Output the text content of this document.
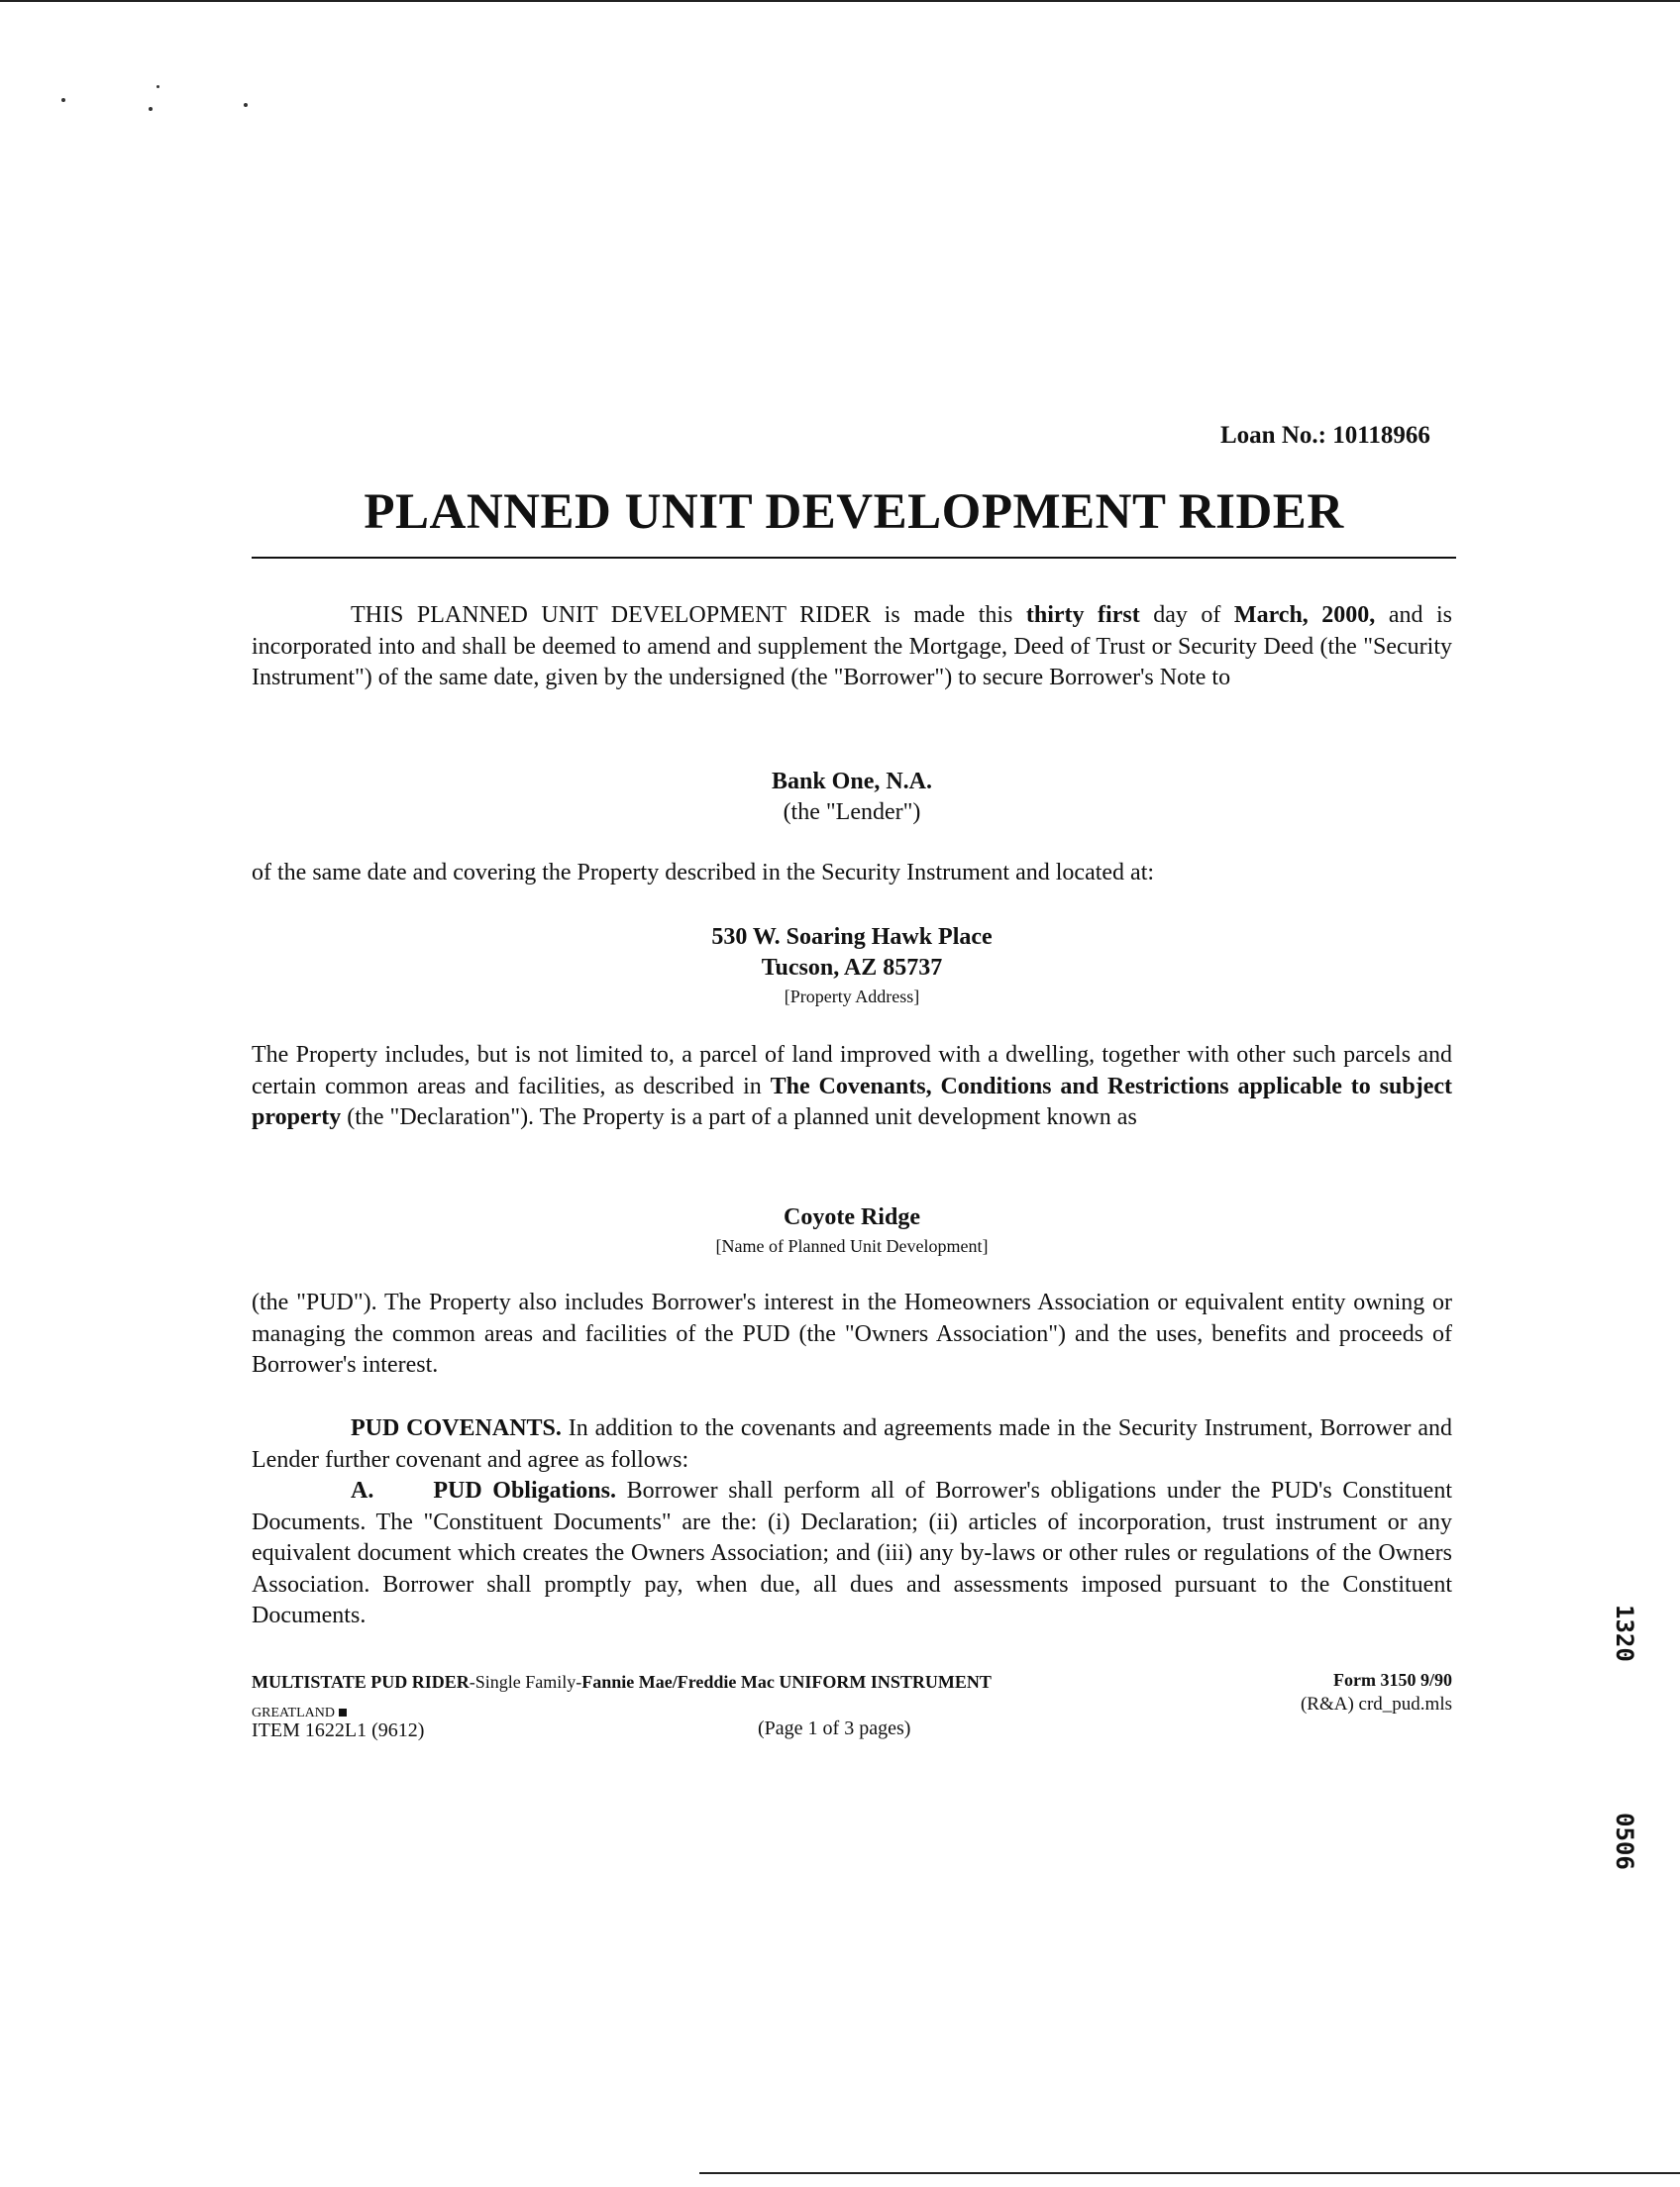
Loan No.: 10118966
PLANNED UNIT DEVELOPMENT RIDER
THIS PLANNED UNIT DEVELOPMENT RIDER is made this thirty first day of March, 2000, and is incorporated into and shall be deemed to amend and supplement the Mortgage, Deed of Trust or Security Deed (the "Security Instrument") of the same date, given by the undersigned (the "Borrower") to secure Borrower's Note to
Bank One, N.A.
(the "Lender")
of the same date and covering the Property described in the Security Instrument and located at:
530 W. Soaring Hawk Place
Tucson, AZ 85737
[Property Address]
The Property includes, but is not limited to, a parcel of land improved with a dwelling, together with other such parcels and certain common areas and facilities, as described in The Covenants, Conditions and Restrictions applicable to subject property (the "Declaration"). The Property is a part of a planned unit development known as
Coyote Ridge
[Name of Planned Unit Development]
(the "PUD"). The Property also includes Borrower's interest in the Homeowners Association or equivalent entity owning or managing the common areas and facilities of the PUD (the "Owners Association") and the uses, benefits and proceeds of Borrower's interest.
PUD COVENANTS. In addition to the covenants and agreements made in the Security Instrument, Borrower and Lender further covenant and agree as follows:
A.	PUD Obligations. Borrower shall perform all of Borrower's obligations under the PUD's Constituent Documents. The "Constituent Documents" are the: (i) Declaration; (ii) articles of incorporation, trust instrument or any equivalent document which creates the Owners Association; and (iii) any by-laws or other rules or regulations of the Owners Association. Borrower shall promptly pay, when due, all dues and assessments imposed pursuant to the Constituent Documents.
MULTISTATE PUD RIDER-Single Family-Fannie Mae/Freddie Mac UNIFORM INSTRUMENT	Form 3150 9/90
(R&A) crd_pud.mls
GREATLAND
ITEM 1622L1 (9612)	(Page 1 of 3 pages)
1320
0506
